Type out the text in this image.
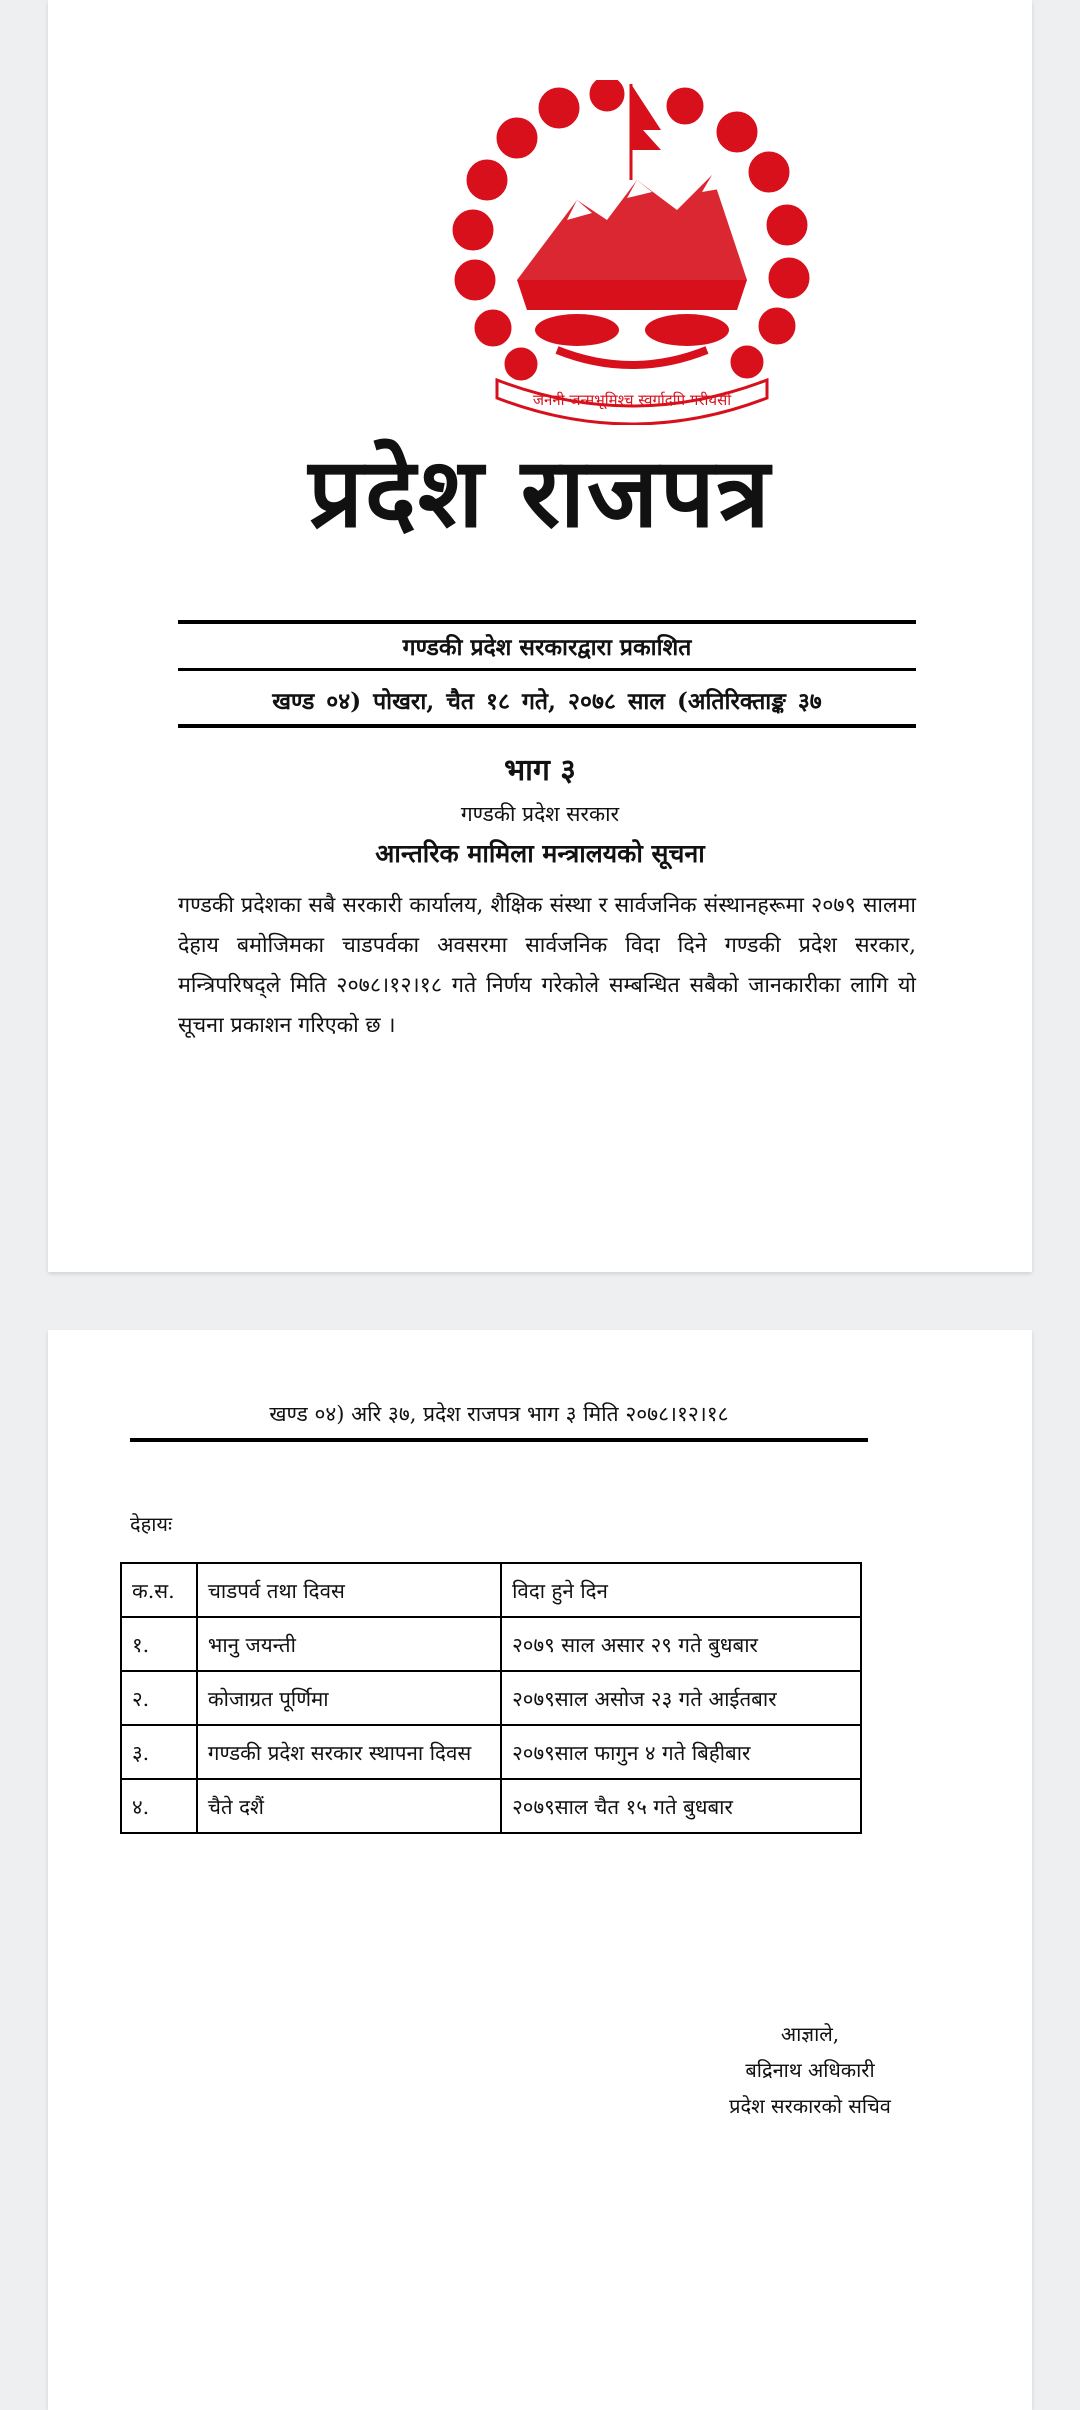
जननी जन्मभूमिश्च स्वर्गादपि गरीयसी
प्रदेश राजपत्र
गण्डकी प्रदेश सरकारद्वारा प्रकाशित
खण्ड ०४) पोखरा, चैत १८ गते, २०७८ साल (अतिरिक्ताङ्क ३७
भाग ३
गण्डकी प्रदेश सरकार
आन्तरिक मामिला मन्त्रालयको सूचना
गण्डकी प्रदेशका सबै सरकारी कार्यालय, शैक्षिक संस्था र सार्वजनिक संस्थानहरूमा २०७९ सालमा देहाय बमोजिमका चाडपर्वका अवसरमा सार्वजनिक विदा दिने गण्डकी प्रदेश सरकार, मन्त्रिपरिषद्ले मिति २०७८।१२।१८ गते निर्णय गरेकोले सम्बन्धित सबैको जानकारीका लागि यो सूचना प्रकाशन गरिएको छ ।
खण्ड ०४) अरि ३७, प्रदेश राजपत्र भाग ३ मिति २०७८।१२।१८
देहायः
क.स.	चाडपर्व तथा दिवस	विदा हुने दिन
१.	भानु जयन्ती	२०७९ साल असार २९ गते बुधबार
२.	कोजाग्रत पूर्णिमा	२०७९साल असोज २३ गते आईतबार
३.	गण्डकी प्रदेश सरकार स्थापना दिवस	२०७९साल फागुन ४ गते बिहीबार
४.	चैते दशैं	२०७९साल चैत १५ गते बुधबार
आज्ञाले,
बद्रिनाथ अधिकारी
प्रदेश सरकारको सचिव
